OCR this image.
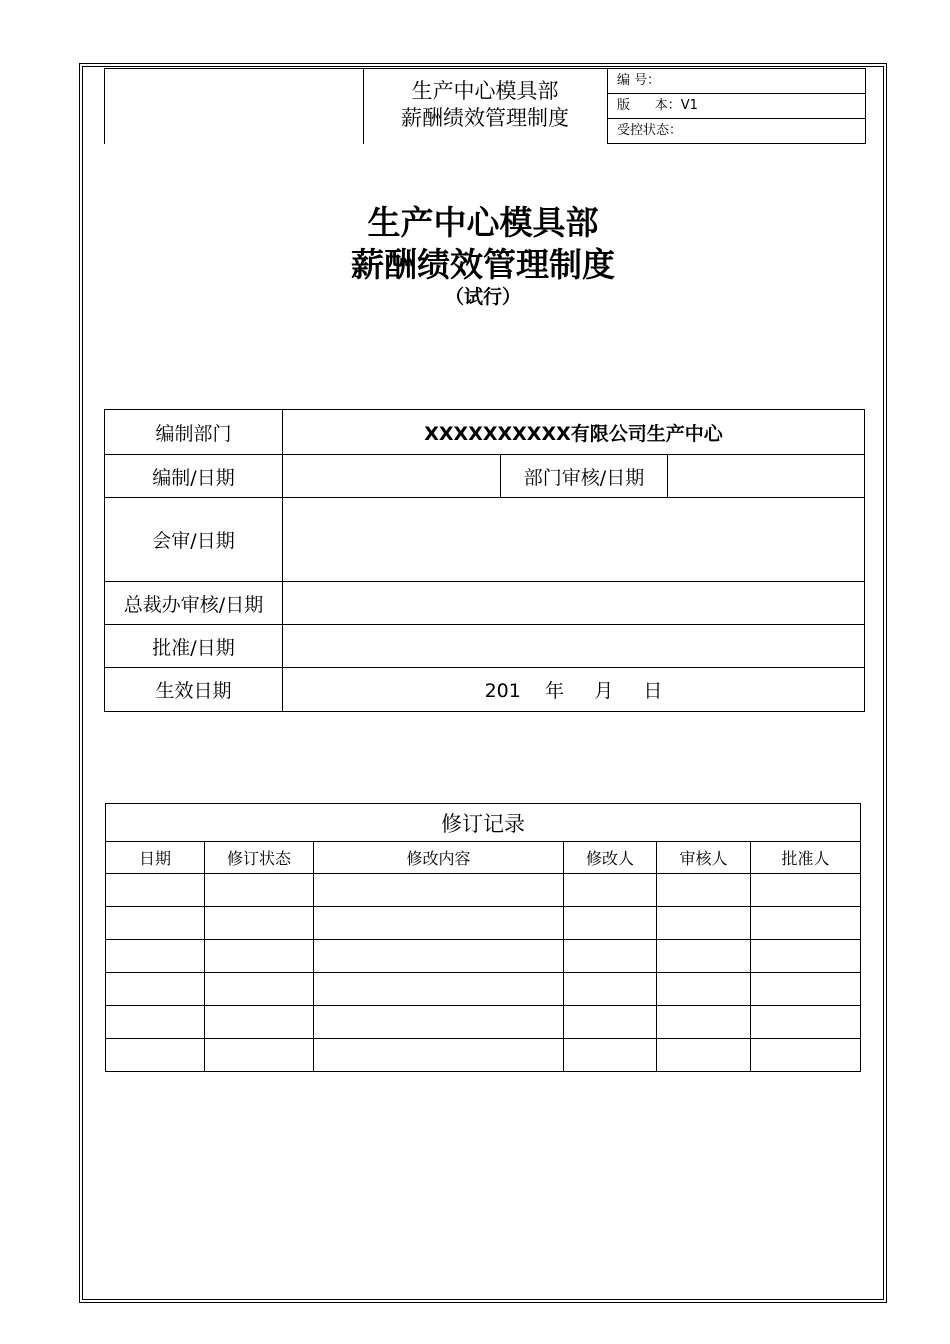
生产中心模具部
薪酬绩效管理制度
编 号：
版      本：V1
受控状态：
生产中心模具部
薪酬绩效管理制度
（试行）
编制部门	XXXXXXXXXX有限公司生产中心		
编制/日期		部门审核/日期	
会审/日期			
总裁办审核/日期			
批准/日期			
生效日期	201    年     月     日		
修订记录					
日期	修订状态	修改内容	修改人	审核人	批准人
